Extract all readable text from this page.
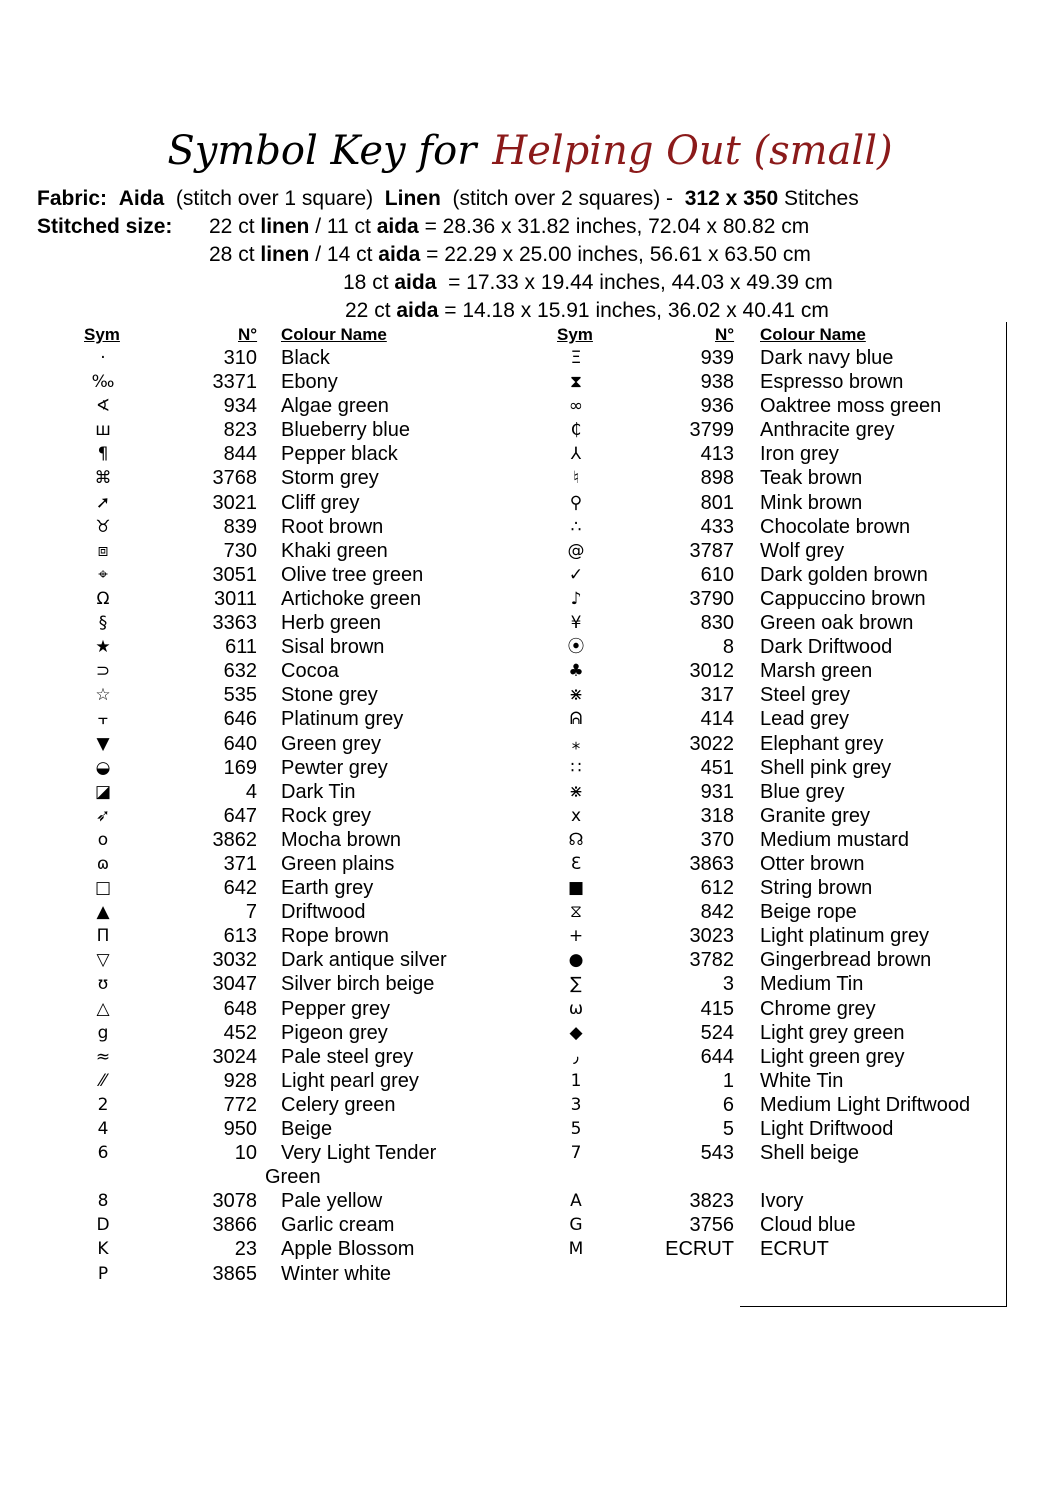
Symbol Key for Helping Out (small)
Fabric: Aida (stitch over 1 square) Linen (stitch over 2 squares) - 312 x 350 Stitches
Stitched size: 22 ct linen / 11 ct aida = 28.36 x 31.82 inches, 72.04 x 80.82 cm
28 ct linen / 14 ct aida = 22.29 x 25.00 inches, 56.61 x 63.50 cm
18 ct aida  = 17.33 x 19.44 inches, 44.03 x 49.39 cm
22 ct aida = 14.18 x 15.91 inches, 36.02 x 40.41 cm
Sym	N° Colour Name	Sym	N° Colour Name
·	310 Black
‰	3371 Ebony
∢	934 Algae green
ш	823 Blueberry blue
¶	844 Pepper black
⌘	3768 Storm grey
➚	3021 Cliff grey
♉	839 Root brown
⧈	730 Khaki green
⌖	3051 Olive tree green
Ω	3011 Artichoke green
§	3363 Herb green
★	611 Sisal brown
⊃	632 Cocoa
☆	535 Stone grey
⫟	646 Platinum grey
▼	640 Green grey
◒	169 Pewter grey
◪	4 Dark Tin
➶	647 Rock grey
o	3862 Mocha brown
ɷ	371 Green plains
□	642 Earth grey
▲	7 Driftwood
Π	613 Rope brown
▽	3032 Dark antique silver
ʊ	3047 Silver birch beige
△	648 Pepper grey
g	452 Pigeon grey
≈	3024 Pale steel grey
⁄⁄	928 Light pearl grey
2	772 Celery green
4	950 Beige
6	10 Very Light Tender
Green
8	3078 Pale yellow
D	3866 Garlic cream
K	23 Apple Blossom
P	3865 Winter white
Ξ	939 Dark navy blue
⧗	938 Espresso brown
∞	936 Oaktree moss green
₵	3799 Anthracite grey
⅄	413 Iron grey
♮	898 Teak brown
⚲	801 Mink brown
∴	433 Chocolate brown
@	3787 Wolf grey
✓	610 Dark golden brown
♪	3790 Cappuccino brown
¥	830 Green oak brown
⦿	8 Dark Driftwood
♣	3012 Marsh green
⋇	317 Steel grey
ᕱ	414 Lead grey
⁎	3022 Elephant grey
∷	451 Shell pink grey
⋇	931 Blue grey
x	318 Granite grey
☊	370 Medium mustard
Ɛ	3863 Otter brown
■	612 String brown
⧖	842 Beige rope
+	3023 Light platinum grey
●	3782 Gingerbread brown
∑	3 Medium Tin
ω	415 Chrome grey
◆	524 Light grey green
٫	644 Light green grey
1	1 White Tin
3	6 Medium Light Driftwood
5	5 Light Driftwood
7	543 Shell beige
A	3823 Ivory
G	3756 Cloud blue
M	ECRUT ECRUT
